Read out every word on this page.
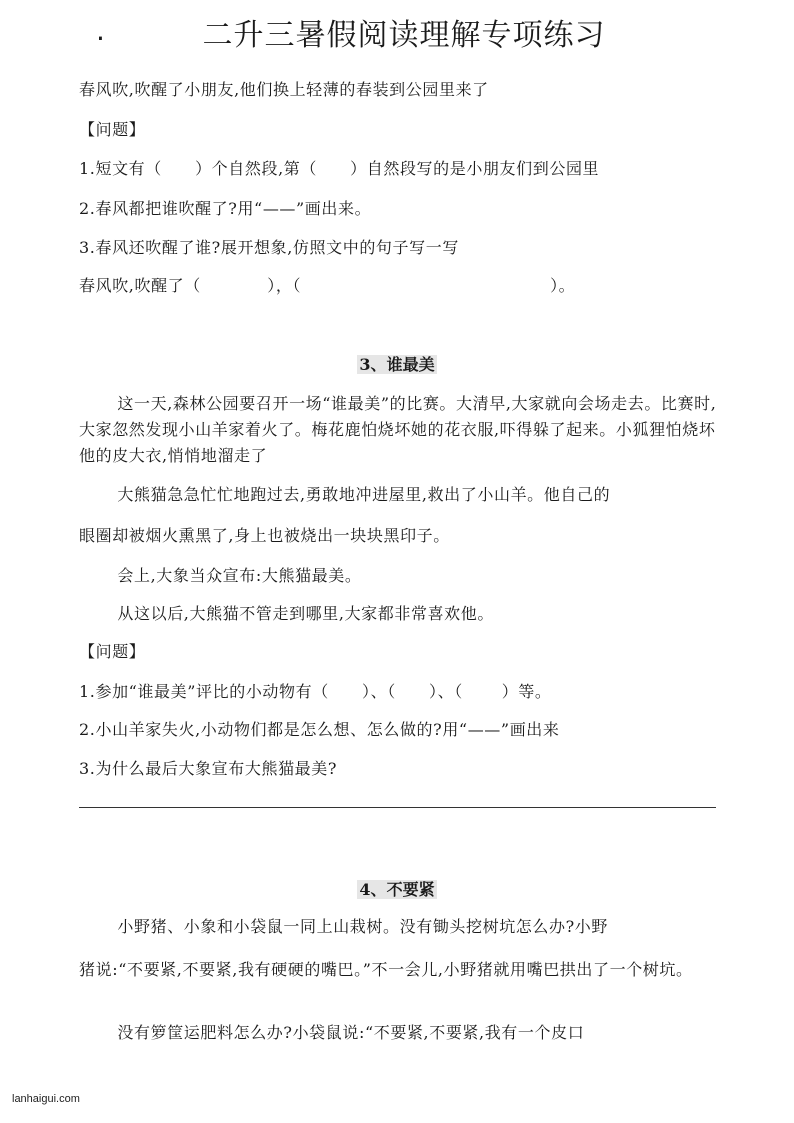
.	二升三暑假阅读理解专项练习
春风吹,吹醒了小朋友,他们换上轻薄的春装到公园里来了
【问题】
1.短文有（　　）个自然段,第（　　）自然段写的是小朋友们到公园里
2.春风都把谁吹醒了?用“——”画出来。
3.春风还吹醒了谁?展开想象,仿照文中的句子写一写
春风吹,吹醒了（　　　　），（　　　　　　　　　　　　　　　）。
3、谁最美
这一天,森林公园要召开一场“谁最美”的比赛。大清早,大家就向会场走去。比赛时,大家忽然发现小山羊家着火了。梅花鹿怕烧坏她的花衣服,吓得躲了起来。小狐狸怕烧坏他的皮大衣,悄悄地溜走了
大熊猫急急忙忙地跑过去,勇敢地冲进屋里,救出了小山羊。他自己的
眼圈却被烟火熏黑了,身上也被烧出一块块黑印子。
会上,大象当众宣布:大熊猫最美。
从这以后,大熊猫不管走到哪里,大家都非常喜欢他。
【问题】
1.参加“谁最美”评比的小动物有（　　）、（　　）、（　　 ）等。
2.小山羊家失火,小动物们都是怎么想、怎么做的?用“——”画出来
3.为什么最后大象宣布大熊猫最美?
4、不要紧
小野猪、小象和小袋鼠一同上山栽树。没有锄头挖树坑怎么办?小野
猪说:“不要紧,不要紧,我有硬硬的嘴巴。”不一会儿,小野猪就用嘴巴拱出了一个树坑。
没有箩筐运肥料怎么办?小袋鼠说:“不要紧,不要紧,我有一个皮口
lanhaigui.com
